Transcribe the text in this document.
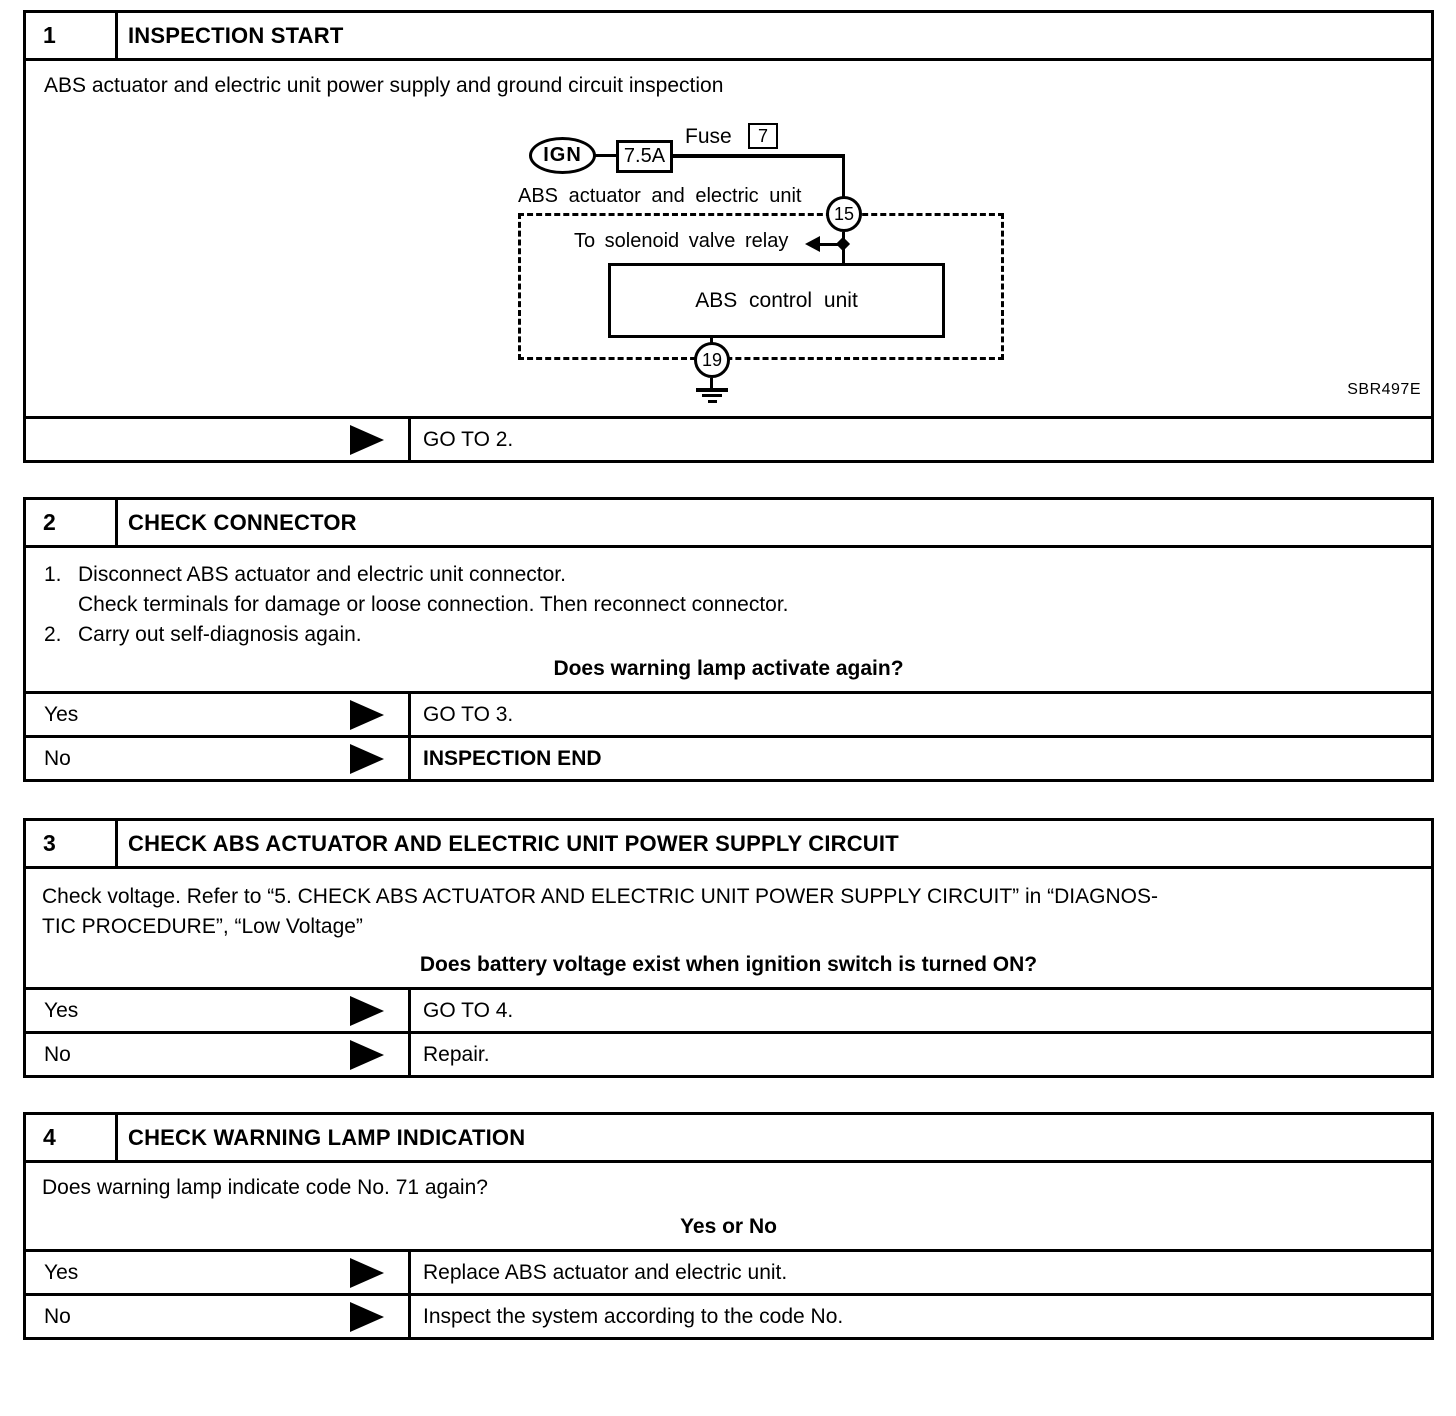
1	INSPECTION START
ABS actuator and electric unit power supply and ground circuit inspection
IGN	7.5A
Fuse	7
ABS actuator and electric unit
15
To solenoid valve relay
ABS control unit
19
SBR497E
GO TO 2.
2	CHECK CONNECTOR
1. Disconnect ABS actuator and electric unit connector.
Check terminals for damage or loose connection. Then reconnect connector.
2. Carry out self-diagnosis again.
Does warning lamp activate again?
Yes	GO TO 3.
No	INSPECTION END
3	CHECK ABS ACTUATOR AND ELECTRIC UNIT POWER SUPPLY CIRCUIT
Check voltage. Refer to “5. CHECK ABS ACTUATOR AND ELECTRIC UNIT POWER SUPPLY CIRCUIT” in “DIAGNOS-
TIC PROCEDURE”, “Low Voltage”
Does battery voltage exist when ignition switch is turned ON?
Yes	GO TO 4.
No	Repair.
4	CHECK WARNING LAMP INDICATION
Does warning lamp indicate code No. 71 again?
Yes or No
Yes	Replace ABS actuator and electric unit.
No	Inspect the system according to the code No.
